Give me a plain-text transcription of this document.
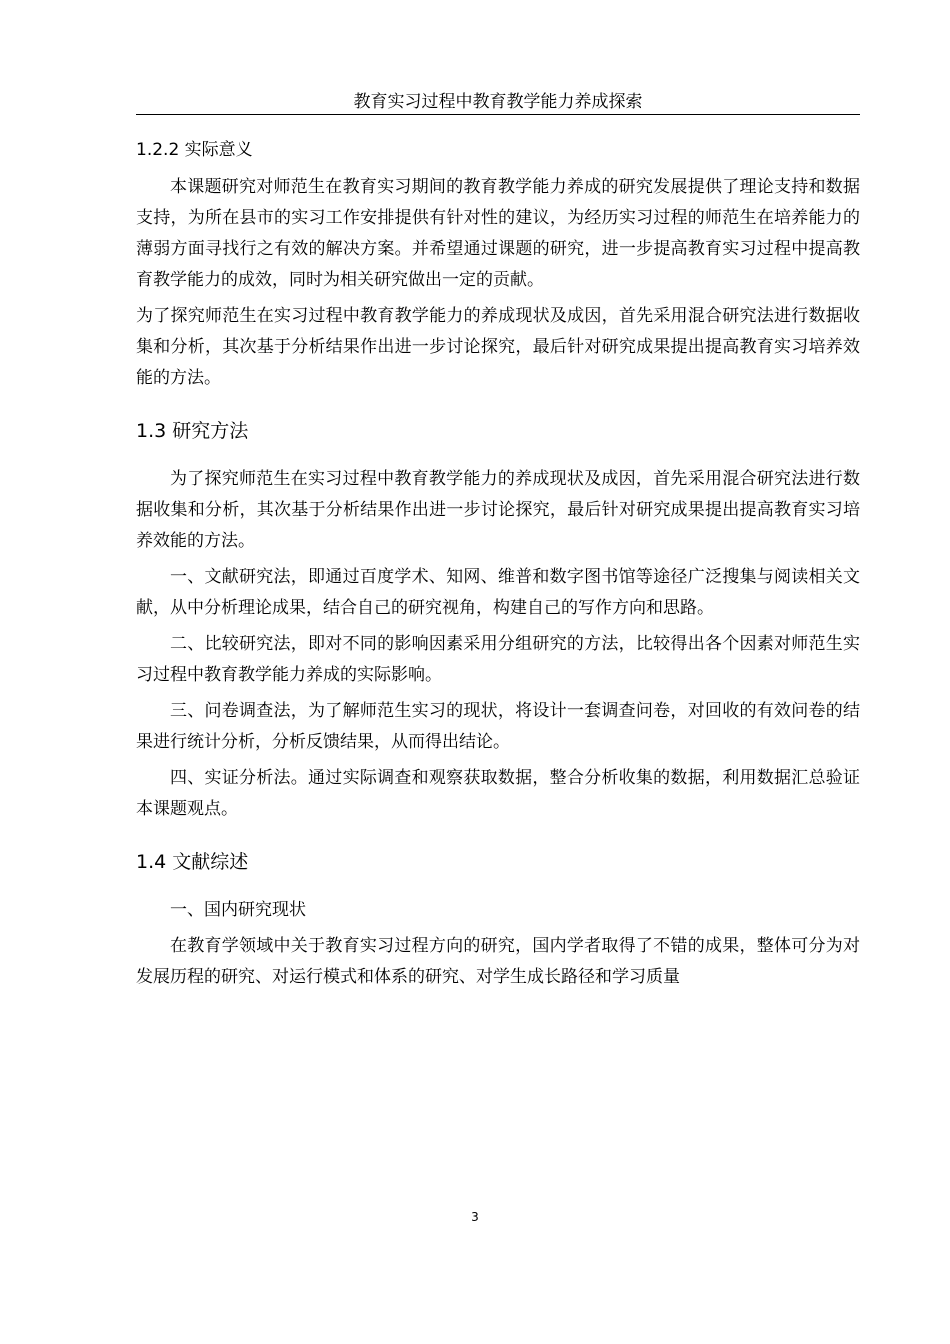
教育实习过程中教育教学能力养成探索
1.2.2 实际意义

本课题研究对师范生在教育实习期间的教育教学能力养成的研究发展提供了理论支持和数据支持，为所在县市的实习工作安排提供有针对性的建议，为经历实习过程的师范生在培养能力的薄弱方面寻找行之有效的解决方案。并希望通过课题的研究，进一步提高教育实习过程中提高教育教学能力的成效，同时为相关研究做出一定的贡献。

为了探究师范生在实习过程中教育教学能力的养成现状及成因，首先采用混合研究法进行数据收集和分析，其次基于分析结果作出进一步讨论探究，最后针对研究成果提出提高教育实习培养效能的方法。

1.3 研究方法

为了探究师范生在实习过程中教育教学能力的养成现状及成因，首先采用混合研究法进行数据收集和分析，其次基于分析结果作出进一步讨论探究，最后针对研究成果提出提高教育实习培养效能的方法。

一、文献研究法，即通过百度学术、知网、维普和数字图书馆等途径广泛搜集与阅读相关文献，从中分析理论成果，结合自己的研究视角，构建自己的写作方向和思路。

二、比较研究法，即对不同的影响因素采用分组研究的方法，比较得出各个因素对师范生实习过程中教育教学能力养成的实际影响。

三、问卷调查法，为了解师范生实习的现状，将设计一套调查问卷，对回收的有效问卷的结果进行统计分析，分析反馈结果，从而得出结论。

四、实证分析法。通过实际调查和观察获取数据，整合分析收集的数据，利用数据汇总验证本课题观点。

1.4 文献综述

一、国内研究现状

在教育学领域中关于教育实习过程方向的研究，国内学者取得了不错的成果，整体可分为对发展历程的研究、对运行模式和体系的研究、对学生成长路径和学习质量

3
